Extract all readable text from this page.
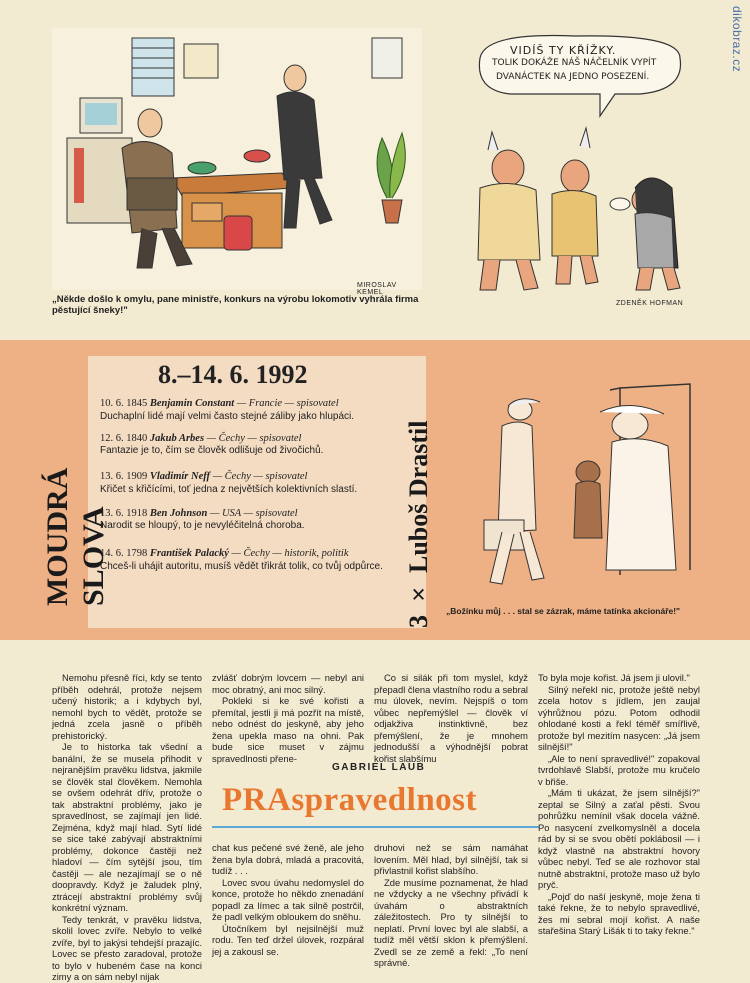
dikobraz.cz
MIROSLAV KEMEL
„Někde došlo k omylu, pane ministře, konkurs na výrobu lokomotiv vyhrála firma pěstující šneky!"
VIDÍŠ TY KŘÍŽKY.
TOLIK DOKÁŽE NÁŠ NÁČELNÍK VYPÍT
DVANÁCTEK NA JEDNO POSEZENÍ.
ZDENĚK HOFMAN
MOUDRÁ SLOVA
8.–14. 6. 1992
10. 6. 1845 Benjamin Constant — Francie — spisovatel
Duchaplní lidé mají velmi často stejné záliby jako hlupáci.
12. 6. 1840 Jakub Arbes — Čechy — spisovatel
Fantazie je to, čím se člověk odlišuje od živočichů.
13. 6. 1909 Vladimír Neff — Čechy — spisovatel
Křičet s křičícími, toť jedna z největších kolektivních slastí.
13. 6. 1918 Ben Johnson — USA — spisovatel
Narodit se hloupý, to je nevyléčitelná choroba.
14. 6. 1798 František Palacký — Čechy — historik, politik
Chceš-li uhájit autoritu, musíš vědět třikrát tolik, co tvůj odpůrce. 3 × Luboš Drastil „Božínku můj . . . stal se zázrak, máme tatínka akcionáře!"

Nemohu přesně říci, kdy se tento příběh odehrál, protože nejsem učený historik; a i kdybych byl, nemohl bych to vědět, protože se jedná zcela jasně o příběh prehistorický.

Je to historka tak všední a banální, že se musela přihodit v nejranějším pravěku lidstva, jakmile se člověk stal člověkem. Nemohla se ovšem odehrát dřív, protože o tak abstraktní problémy, jako je spravedlnost, se zajímají jen lidé. Zejména, když mají hlad. Sytí lidé se sice také zabývají abstraktními problémy, dokonce častěji než hladoví — čím sytější jsou, tím častěji — ale nezajímají se o ně doopravdy. Když je žaludek plný, ztrácejí abstraktní problémy svůj konkrétní význam.

Tedy tenkrát, v pravěku lidstva, skolil lovec zvíře. Nebylo to velké zvíře, byl to jakýsi tehdejší prazajíc. Lovec se přesto zaradoval, protože to bylo v hubeném čase na konci zimy a on sám nebyl nijak

zvlášť dobrým lovcem — nebyl ani moc obratný, ani moc silný.

Pokleki si ke své kořisti a přemítal, jestli ji má pozřít na místě, nebo odnést do jeskyně, aby jeho žena upekla maso na ohni. Pak bude sice muset v zájmu spravedlnosti přene-

Co si silák při tom myslel, když přepadl člena vlastního rodu a sebral mu úlovek, nevím. Nejspíš o tom vůbec nepřemýšlel — člověk ví odjakživa instinktivně, bez přemýšlení, že je mnohem jednodušší a výhodnější pobrat kořist slabšímu

GABRIEL LAUB
PRAspravedlnost

chat kus pečené své ženě, ale jeho žena byla dobrá, mladá a pracovitá, tudíž . . .

Lovec svou úvahu nedomyslel do konce, protože ho někdo znenadání popadl za límec a tak silně postrčil, že padl velkým obloukem do sněhu.

Útočníkem byl nejsilnější muž rodu. Ten teď držel úlovek, rozpáral jej a zakousl se.

druhovi než se sám namáhat lovením. Měl hlad, byl silnější, tak si přivlastnil kořist slabšího.

Zde musíme poznamenat, že hlad ne vždycky a ne všechny přivádí k úvahám o abstraktních záležitostech. Pro ty silnější to neplatí. První lovec byl ale slabší, a tudíž měl větší sklon k přemýšlení. Zvedl se ze země a řekl: „To není správné.

To byla moje kořist. Já jsem ji ulovil."

Silný neřekl nic, protože ještě nebyl zcela hotov s jídlem, jen zaujal výhrůžnou pózu. Potom odhodil ohlodané kosti a řekl téměř smířlivě, protože byl mezitím nasycen: „Já jsem silnější!"

„Ale to není spravedlivé!" zopakoval tvrdohlavě Slabší, protože mu kručelo v břiše.

„Mám ti ukázat, že jsem silnější?" zeptal se Silný a zaťal pěsti. Svou pohrůžku nemínil však docela vážně. Po nasycení zvelkomyslněl a docela rád by si se svou obětí poklábosil — i když vlastně na abstraktní hovory vůbec nebyl. Teď se ale rozhovor stal nutně abstraktní, protože maso už bylo pryč.

„Pojď do naší jeskyně, moje žena ti také řekne, že to nebylo spravedlivé, žes mi sebral mojí kořist. A naše stařešina Starý Lišák ti to taky řekne."
